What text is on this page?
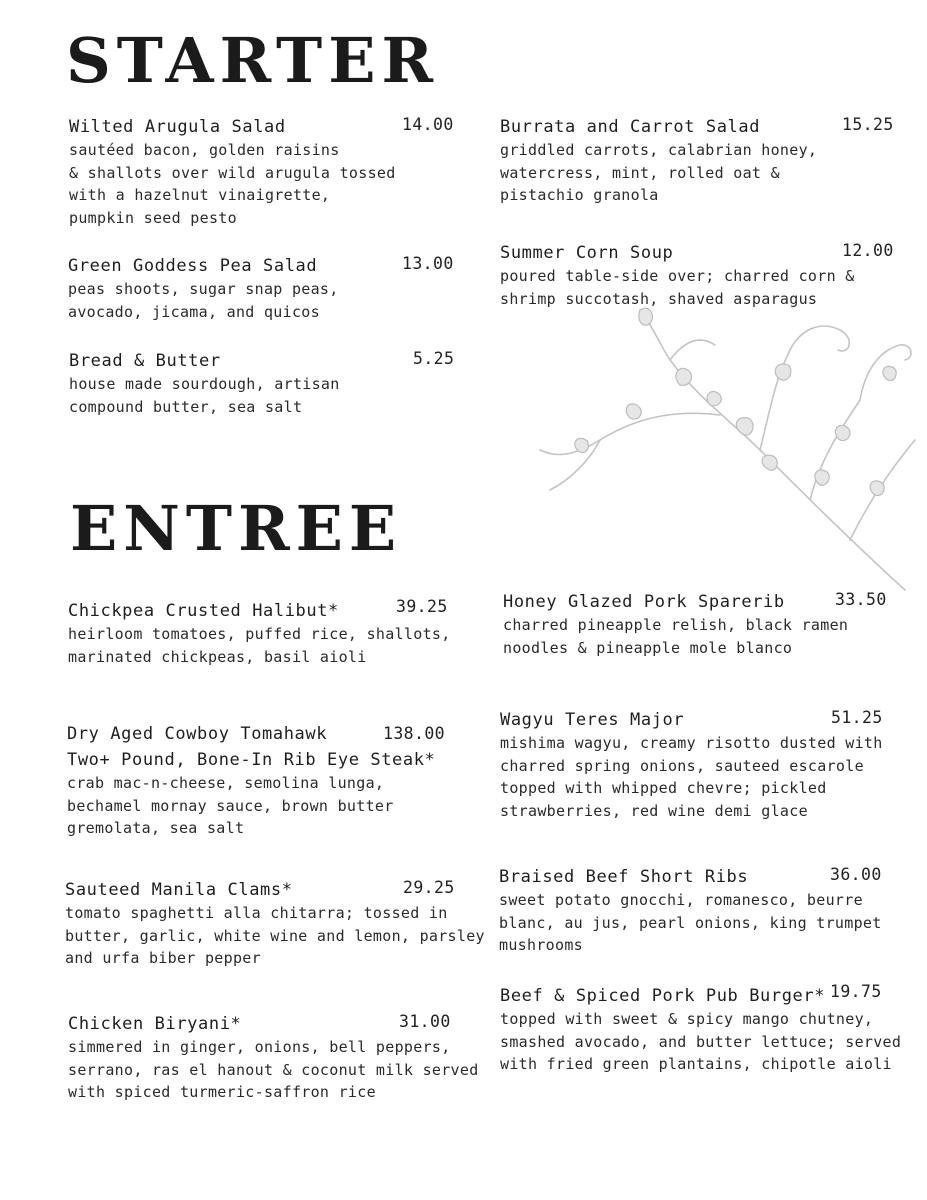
STARTER
Wilted Arugula Salad
sautéed bacon, golden raisins
& shallots over wild arugula tossed
with a hazelnut vinaigrette,
pumpkin seed pesto
14.00
Green Goddess Pea Salad
peas shoots, sugar snap peas,
avocado, jicama, and quicos
13.00
Bread & Butter
house made sourdough, artisan
compound butter, sea salt
5.25
Burrata and Carrot Salad
griddled carrots, calabrian honey,
watercress, mint, rolled oat &
pistachio granola
15.25
Summer Corn Soup
poured table-side over; charred corn &
shrimp succotash, shaved asparagus
12.00
ENTREE
Chickpea Crusted Halibut*
heirloom tomatoes, puffed rice, shallots,
marinated chickpeas, basil aioli
39.25
Dry Aged Cowboy Tomahawk
Two+ Pound, Bone-In Rib Eye Steak*
crab mac-n-cheese, semolina lunga,
bechamel mornay sauce, brown butter
gremolata, sea salt
138.00
Sauteed Manila Clams*
tomato spaghetti alla chitarra; tossed in
butter, garlic, white wine and lemon, parsley
and urfa biber pepper
29.25
Chicken Biryani*
simmered in ginger, onions, bell peppers,
serrano, ras el hanout & coconut milk served
with spiced turmeric-saffron rice
31.00
Honey Glazed Pork Sparerib
charred pineapple relish, black ramen
noodles & pineapple mole blanco
33.50
Wagyu Teres Major
mishima wagyu, creamy risotto dusted with
charred spring onions, sauteed escarole
topped with whipped chevre; pickled
strawberries, red wine demi glace
51.25
Braised Beef Short Ribs
sweet potato gnocchi, romanesco, beurre
blanc, au jus, pearl onions, king trumpet
mushrooms
36.00
Beef & Spiced Pork Pub Burger*
topped with sweet & spicy mango chutney,
smashed avocado, and butter lettuce; served
with fried green plantains, chipotle aioli
19.75
